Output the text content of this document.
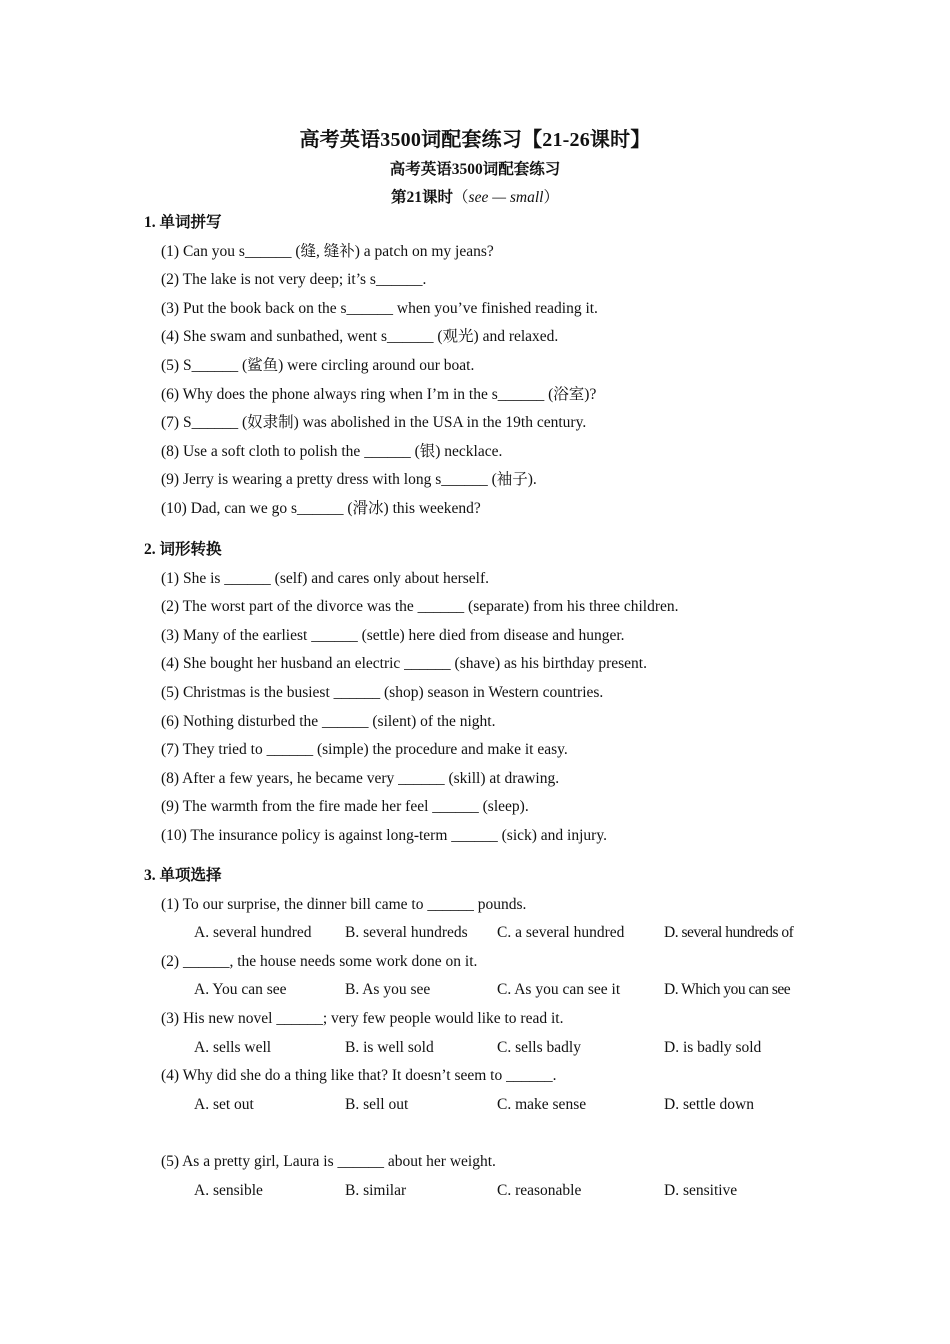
高考英语3500词配套练习【21-26课时】
高考英语3500词配套练习
第21课时（see — small）
1. 单词拼写
(1) Can you s______ (缝, 缝补) a patch on my jeans?
(2) The lake is not very deep; it’s s______.
(3) Put the book back on the s______ when you’ve finished reading it.
(4) She swam and sunbathed, went s______ (观光) and relaxed.
(5) S______ (鲨鱼) were circling around our boat.
(6) Why does the phone always ring when I’m in the s______ (浴室)?
(7) S______ (奴隶制) was abolished in the USA in the 19th century.
(8) Use a soft cloth to polish the ______ (银) necklace.
(9) Jerry is wearing a pretty dress with long s______ (袖子).
(10) Dad, can we go s______ (滑冰) this weekend?
2. 词形转换
(1) She is ______ (self) and cares only about herself.
(2) The worst part of the divorce was the ______ (separate) from his three children.
(3) Many of the earliest ______ (settle) here died from disease and hunger.
(4) She bought her husband an electric ______ (shave) as his birthday present.
(5) Christmas is the busiest ______ (shop) season in Western countries.
(6) Nothing disturbed the ______ (silent) of the night.
(7) They tried to ______ (simple) the procedure and make it easy.
(8) After a few years, he became very ______ (skill) at drawing.
(9) The warmth from the fire made her feel ______ (sleep).
(10) The insurance policy is against long-term ______ (sick) and injury.
3. 单项选择
(1) To our surprise, the dinner bill came to ______ pounds.
A. several hundred B. several hundreds C. a several hundred	D. several hundreds of
(2) ______, the house needs some work done on it.
A. You can see	B. As you see	C. As you can see it	D. Which you can see
(3) His new novel ______; very few people would like to read it.
A. sells well	B. is well sold	C. sells badly	D. is badly sold
(4) Why did she do a thing like that? It doesn’t seem to ______.
A. set out	B. sell out	C. make sense	D. settle down
(5) As a pretty girl, Laura is ______ about her weight.
A. sensible	B. similar	C. reasonable	D. sensitive
